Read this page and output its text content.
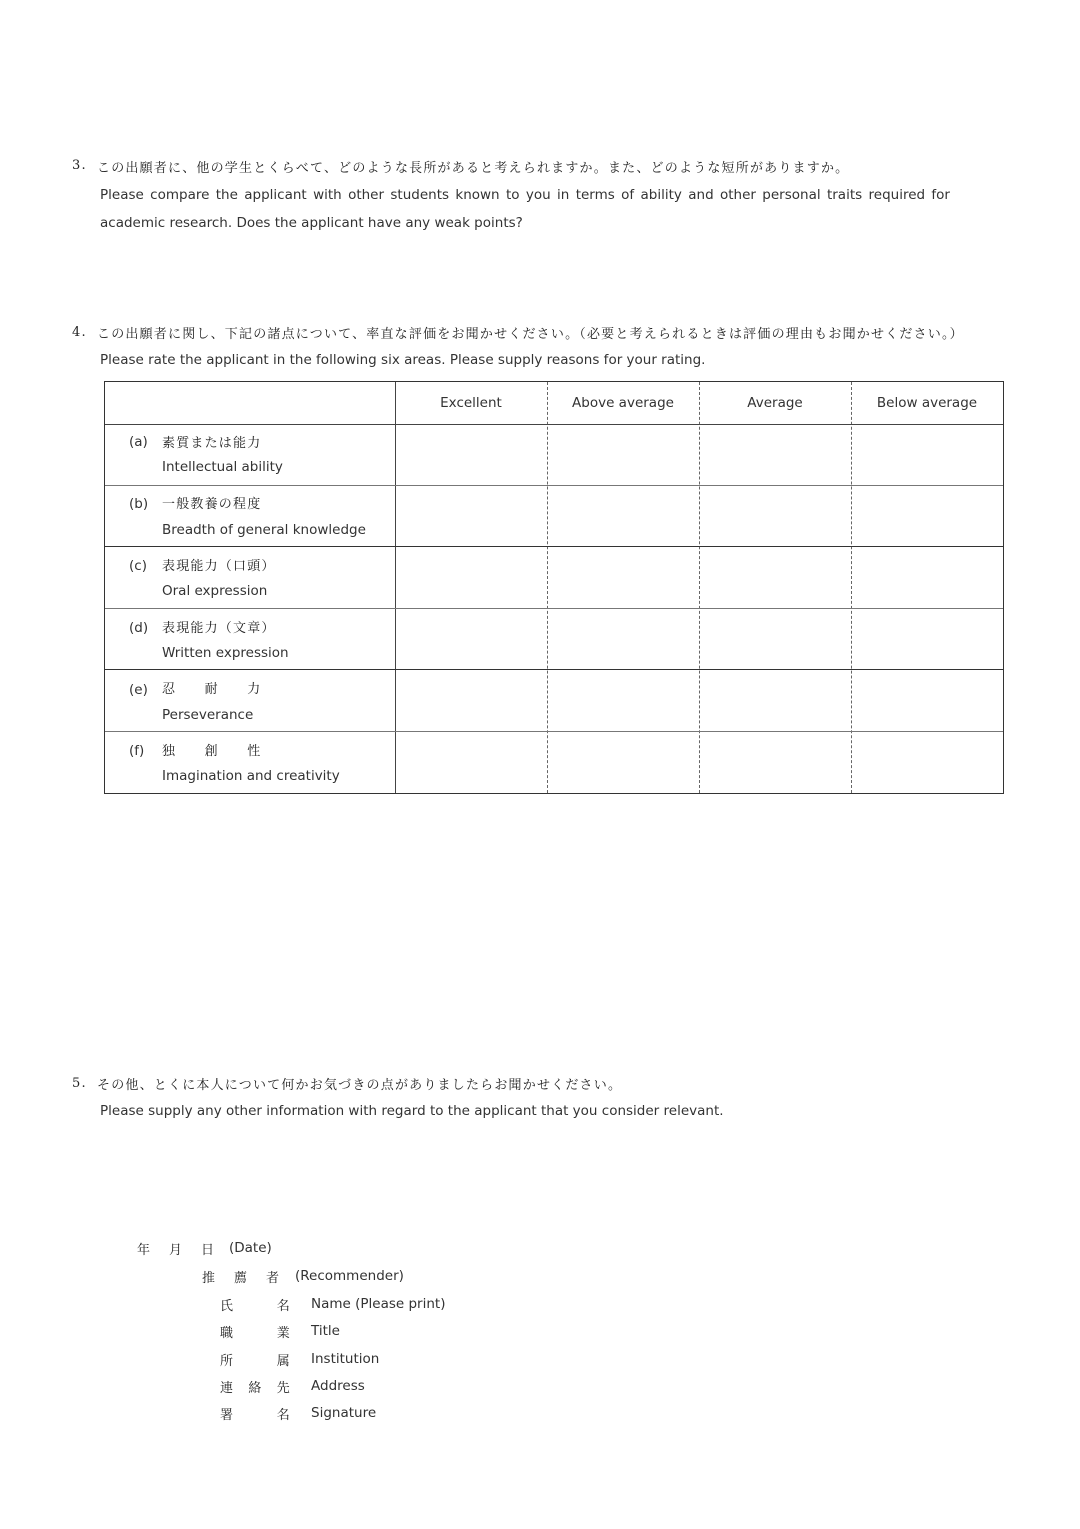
3. この出願者に、他の学生とくらべて、どのような長所があると考えられますか。また、どのような短所がありますか。
Please compare the applicant with other students known to you in terms of ability and other personal traits required for academic research. Does the applicant have any weak points?
4. この出願者に関し、下記の諸点について、率直な評価をお聞かせください。（必要と考えられるときは評価の理由もお聞かせください。）
Please rate the applicant in the following six areas. Please supply reasons for your rating.
Excellent	Above average	Average	Below average
(a) 素質または能力
Intellectual ability
(b) 一般教養の程度
Breadth of general knowledge
(c) 表現能力（口頭）
Oral expression
(d) 表現能力（文章）
Written expression
(e) 忍　　耐　　力
Perseverance
(f) 独　　創　　性
Imagination and creativity
5. その他、とくに本人について何かお気づきの点がありましたらお聞かせください。
Please supply any other information with regard to the applicant that you consider relevant.
年　月　日 (Date)
推　薦　者 (Recommender)
氏　　　名 Name (Please print)
職　　　業 Title
所　　　属 Institution
連　絡　先 Address
署　　　名 Signature
